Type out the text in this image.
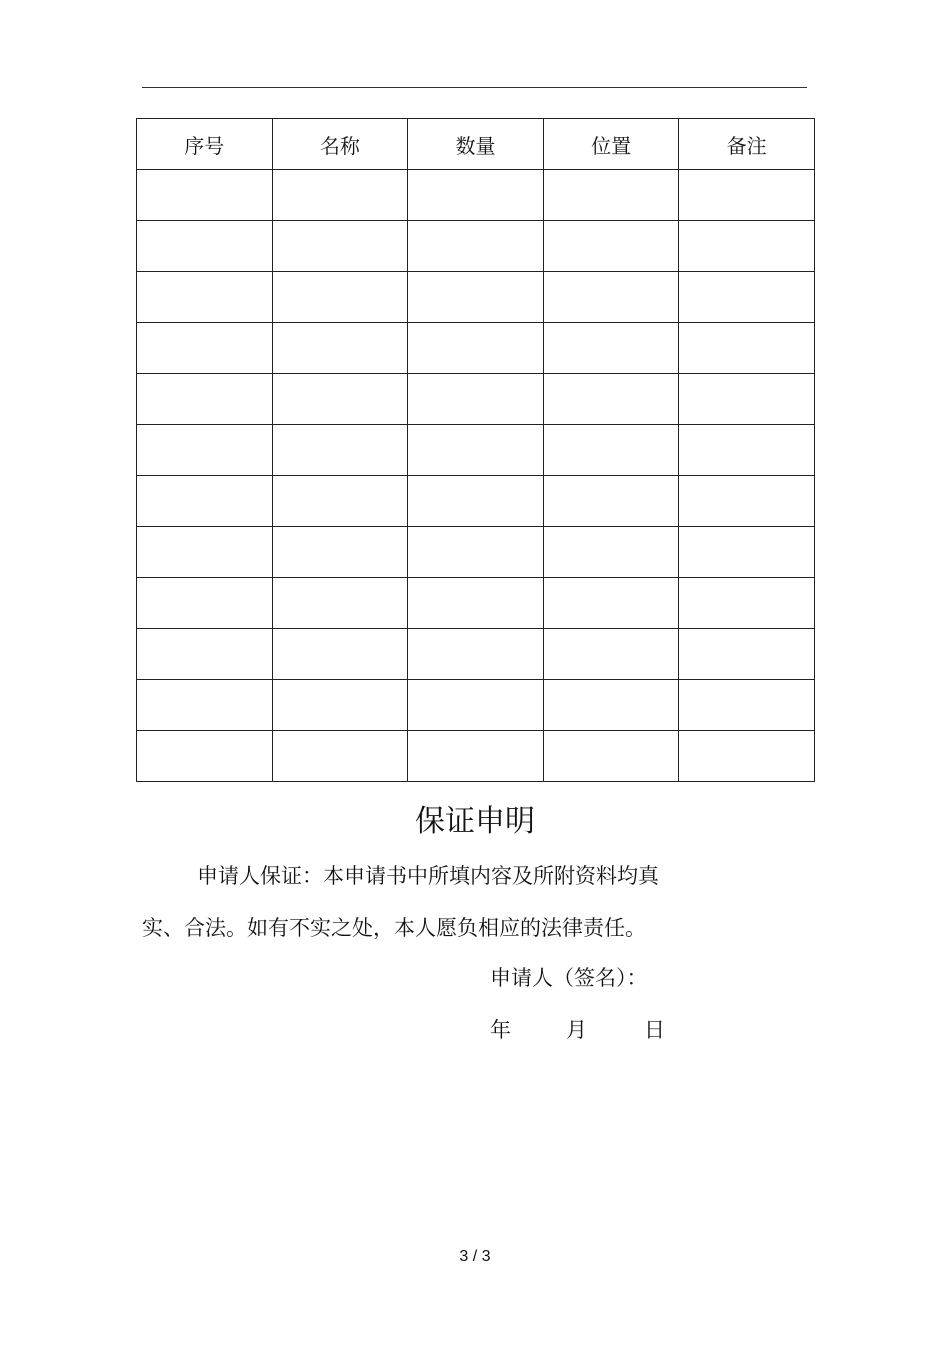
序号	名称	数量	位置	备注

保证申明
申请人保证：本申请书中所填内容及所附资料均真
实、合法。如有不实之处，本人愿负相应的法律责任。
申请人（签名）：
年	月	日
3 / 3
